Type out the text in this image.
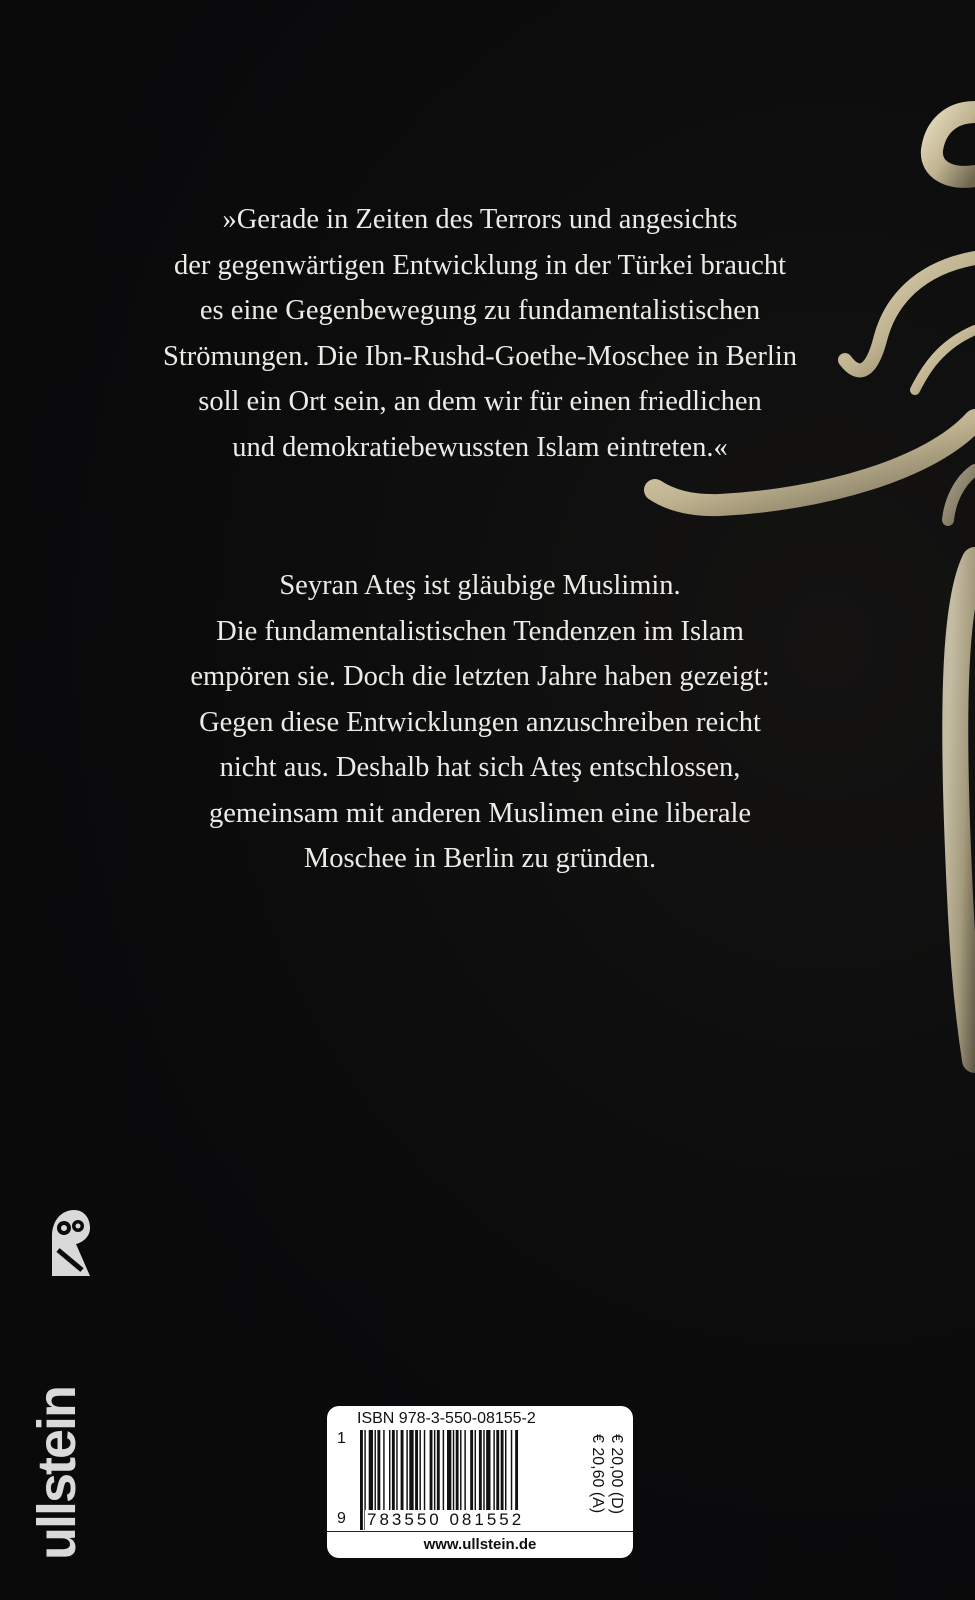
»Gerade in Zeiten des Terrors und angesichts
der gegenwärtigen Entwicklung in der Türkei braucht
es eine Gegenbewegung zu fundamentalistischen
Strömungen. Die Ibn-Rushd-Goethe-Moschee in Berlin
soll ein Ort sein, an dem wir für einen friedlichen
und demokratiebewussten Islam eintreten.«

Seyran Ateş ist gläubige Muslimin.
Die fundamentalistischen Tendenzen im Islam
empören sie. Doch die letzten Jahre haben gezeigt:
Gegen diese Entwicklungen anzuschreiben reicht
nicht aus. Deshalb hat sich Ateş entschlossen,
gemeinsam mit anderen Muslimen eine liberale
Moschee in Berlin zu gründen.

ullstein	ISBN 978-3-550-08155-2
1
9 783550 081552
€ 20,00 (D)
€ 20,60 (A)
www.ullstein.de
